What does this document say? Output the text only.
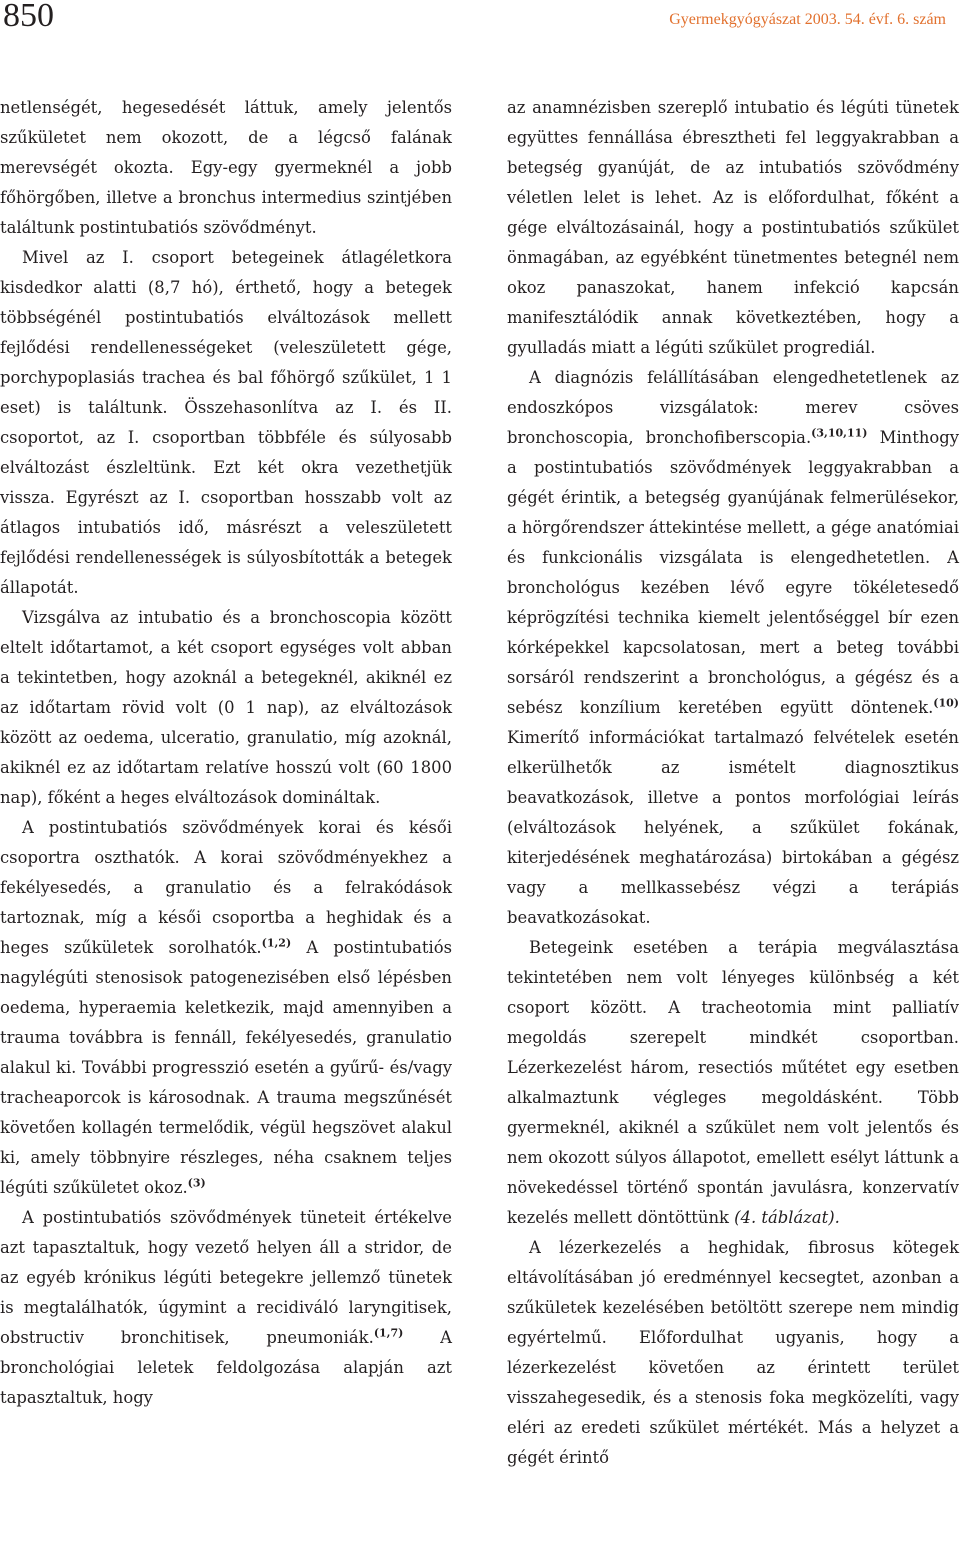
850	Gyermekgyógyászat 2003. 54. évf. 6. szám

netlenségét, hegesedését láttuk, amely jelentős szűkületet nem okozott, de a légcső falának merevségét okozta. Egy-egy gyermeknél a jobb főhörgőben, illetve a bronchus intermedius szintjében találtunk postintubatiós szövődményt.

Mivel az I. csoport betegeinek átlagéletkora kisdedkor alatti (8,7 hó), érthető, hogy a betegek többségénél postintubatiós elváltozások mellett fejlődési rendellenességeket (veleszületett gége, porchypoplasiás trachea és bal főhörgő szűkület, 1 1 eset) is találtunk. Összehasonlítva az I. és II. csoportot, az I. csoportban többféle és súlyosabb elváltozást észleltünk. Ezt két okra vezethetjük vissza. Egyrészt az I. csoportban hosszabb volt az átlagos intubatiós idő, másrészt a veleszületett fejlődési rendellenességek is súlyosbították a betegek állapotát.

Vizsgálva az intubatio és a bronchoscopia között eltelt időtartamot, a két csoport egységes volt abban a tekintetben, hogy azoknál a betegeknél, akiknél ez az időtartam rövid volt (0 1 nap), az elváltozások között az oedema, ulceratio, granulatio, míg azoknál, akiknél ez az időtartam relatíve hosszú volt (60 1800 nap), főként a heges elváltozások domináltak.

A postintubatiós szövődmények korai és késői csoportra oszthatók. A korai szövődményekhez a fekélyesedés, a granulatio és a felrakódások tartoznak, míg a késői csoportba a heghidak és a heges szűkületek sorolhatók.$^{(1,2)}$ A postintubatiós nagylégúti stenosisok patogenezisében első lépésben oedema, hyperaemia keletkezik, majd amennyiben a trauma továbbra is fennáll, fekélyesedés, granulatio alakul ki. További progresszió esetén a gyűrű- és/vagy tracheaporcok is károsodnak. A trauma megszűnését követően kollagén termelődik, végül hegszövet alakul ki, amely többnyire részleges, néha csaknem teljes légúti szűkületet okoz.$^{(3)}$

A postintubatiós szövődmények tüneteit értékelve azt tapasztaltuk, hogy vezető helyen áll a stridor, de az egyéb krónikus légúti betegekre jellemző tünetek is megtalálhatók, úgymint a recidiváló laryngitisek, obstructiv bronchitisek, pneumoniák.$^{(1,7)}$ A bronchológiai leletek feldolgozása alapján azt tapasztaltuk, hogy

az anamnézisben szereplő intubatio és légúti tünetek együttes fennállása ébresztheti fel leggyakrabban a betegség gyanúját, de az intubatiós szövődmény véletlen lelet is lehet. Az is előfordulhat, főként a gége elváltozásainál, hogy a postintubatiós szűkület önmagában, az egyébként tünetmentes betegnél nem okoz panaszokat, hanem infekció kapcsán manifesztálódik annak következtében, hogy a gyulladás miatt a légúti szűkület progrediál.

A diagnózis felállításában elengedhetetlenek az endoszkópos vizsgálatok: merev csöves bronchoscopia, bronchofiberscopia.$^{(3,10,11)}$ Minthogy a postintubatiós szövődmények leggyakrabban a gégét érintik, a betegség gyanújának felmerülésekor, a hörgőrendszer áttekintése mellett, a gége anatómiai és funkcionális vizsgálata is elengedhetetlen. A bronchológus kezében lévő egyre tökéletesedő képrögzítési technika kiemelt jelentőséggel bír ezen kórképekkel kapcsolatosan, mert a beteg további sorsáról rendszerint a bronchológus, a gégész és a sebész konzílium keretében együtt döntenek.$^{(10)}$ Kimerítő információkat tartalmazó felvételek esetén elkerülhetők az ismételt diagnosztikus beavatkozások, illetve a pontos morfológiai leírás (elváltozások helyének, a szűkület fokának, kiterjedésének meghatározása) birtokában a gégész vagy a mellkassebész végzi a terápiás beavatkozásokat.

Betegeink esetében a terápia megválasztása tekintetében nem volt lényeges különbség a két csoport között. A tracheotomia mint palliatív megoldás szerepelt mindkét csoportban. Lézerkezelést három, resectiós műtétet egy esetben alkalmaztunk végleges megoldásként. Több gyermeknél, akiknél a szűkület nem volt jelentős és nem okozott súlyos állapotot, emellett esélyt láttunk a növekedéssel történő spontán javulásra, konzervatív kezelés mellett döntöttünk (4. táblázat).

A lézerkezelés a heghidak, fibrosus kötegek eltávolításában jó eredménnyel kecsegtet, azonban a szűkületek kezelésében betöltött szerepe nem mindig egyértelmű. Előfordulhat ugyanis, hogy a lézerkezelést követően az érintett terület visszahegesedik, és a stenosis foka megközelíti, vagy eléri az eredeti szűkület mértékét. Más a helyzet a gégét érintő
